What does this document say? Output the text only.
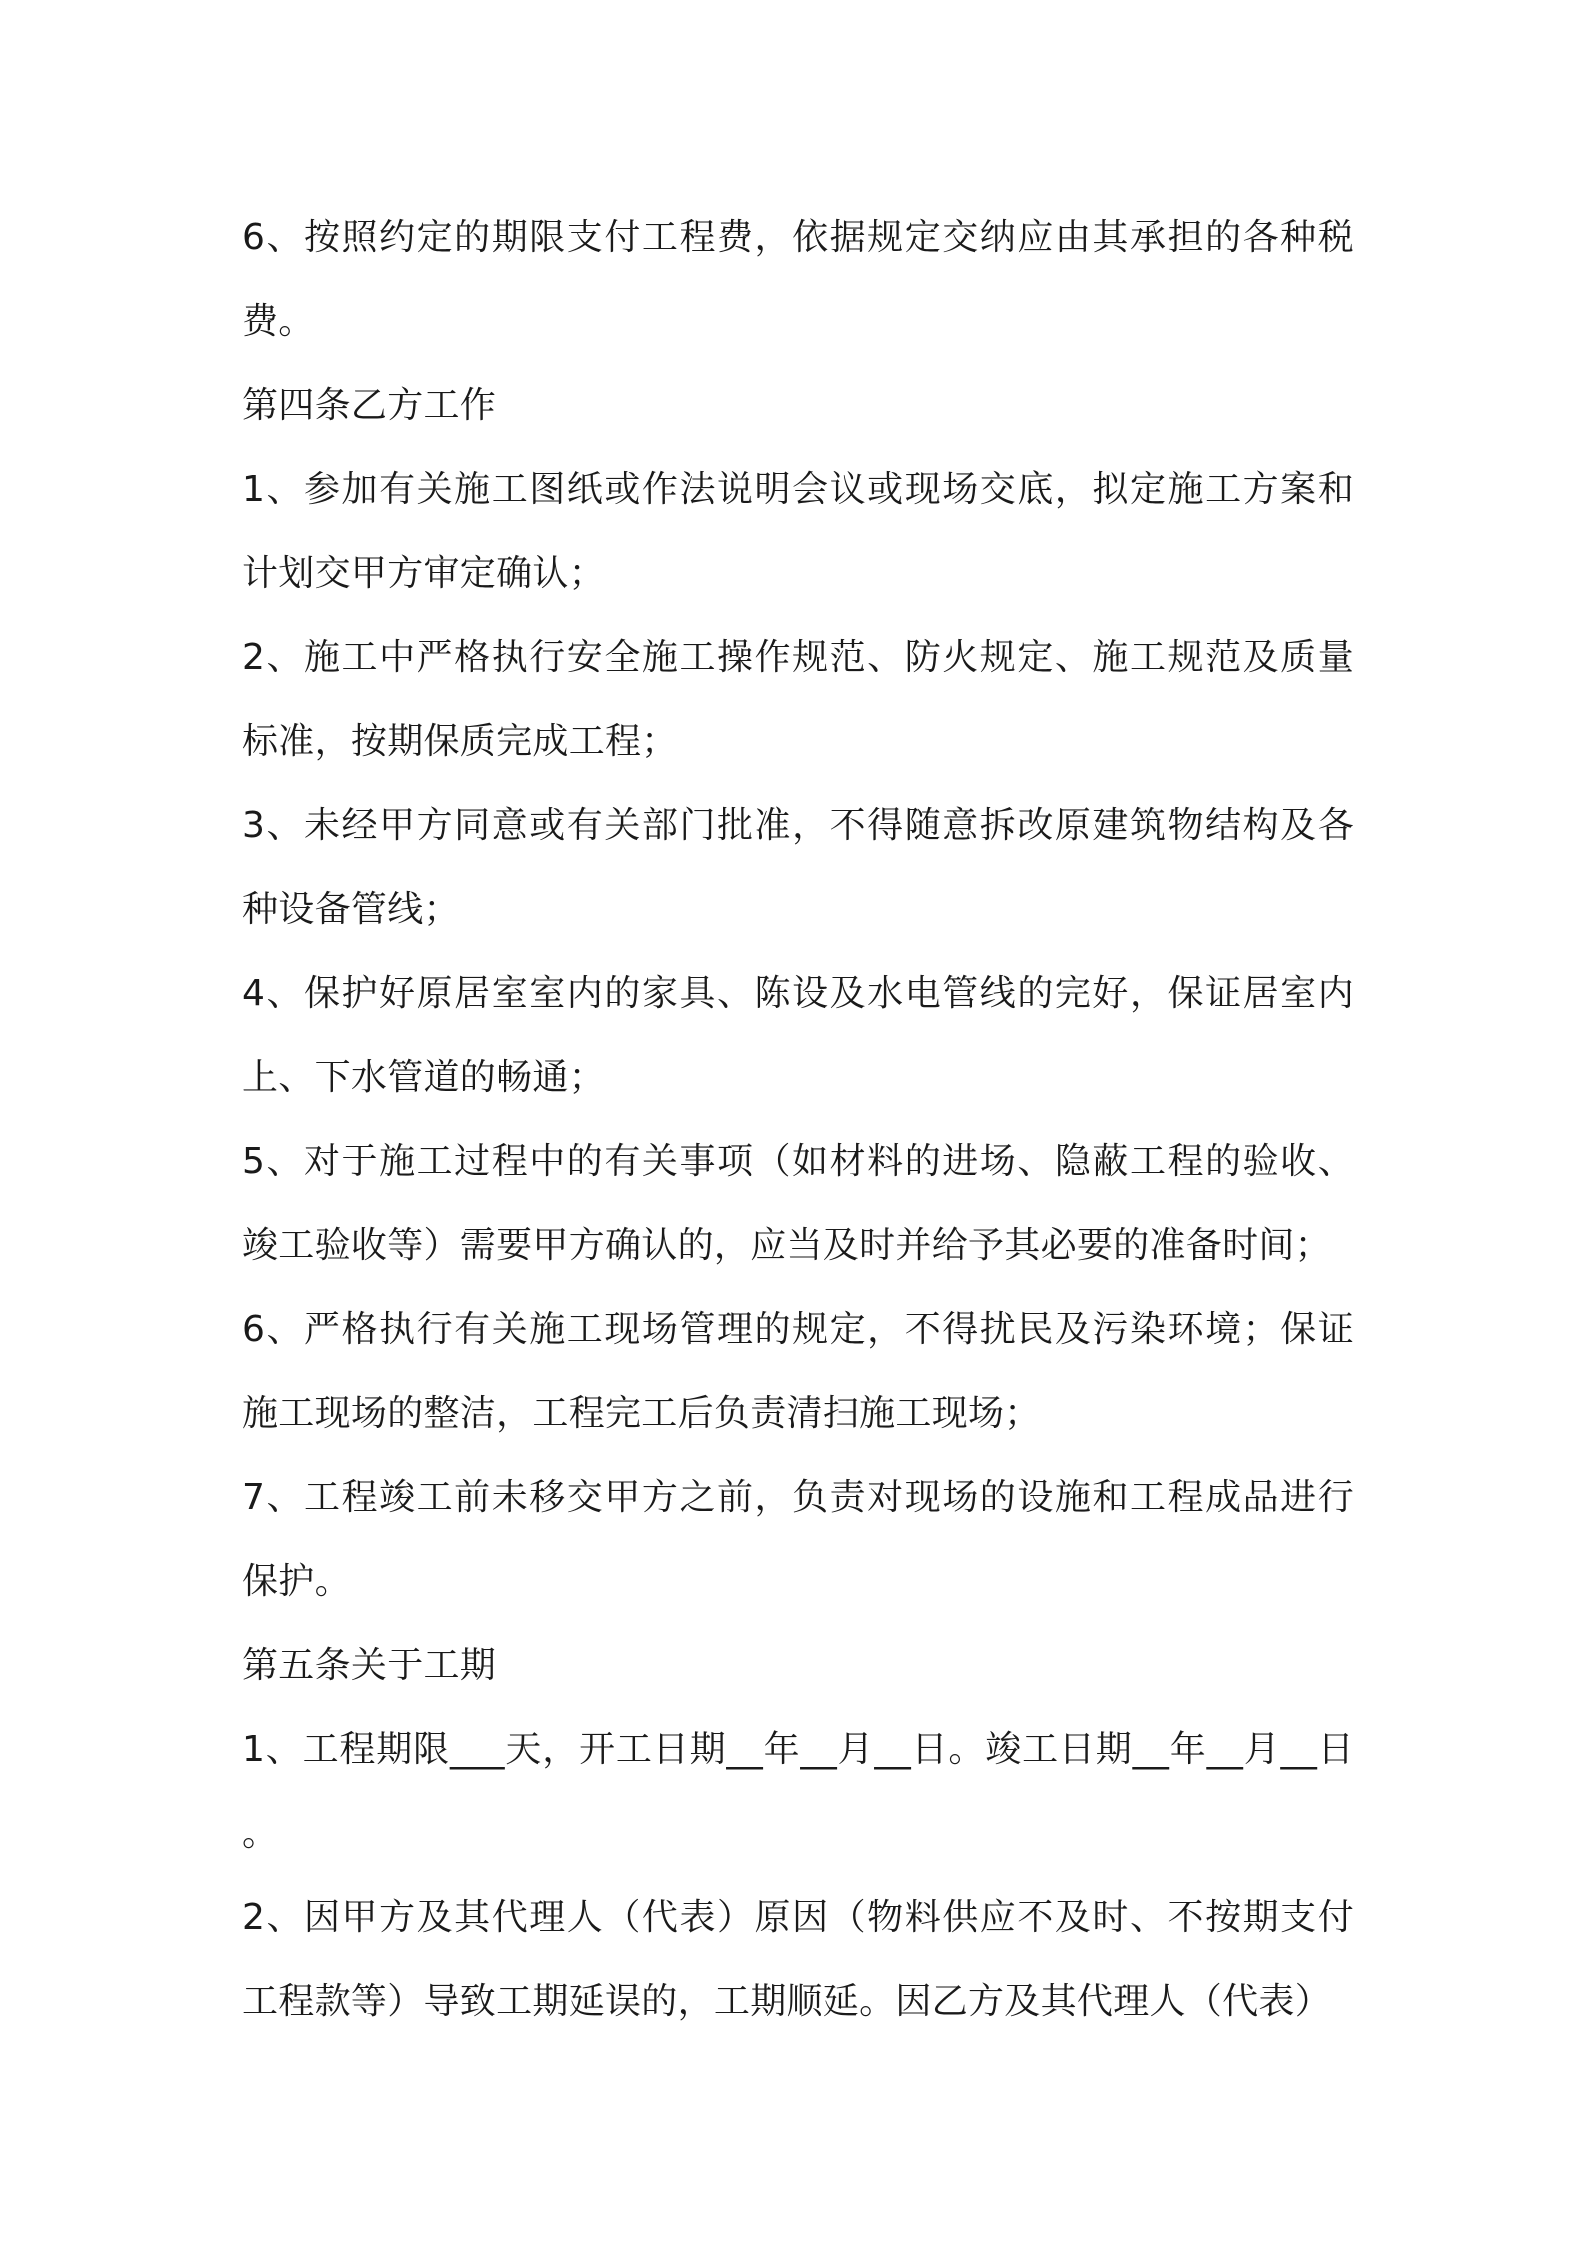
6、按照约定的期限支付工程费，依据规定交纳应由其承担的各种税费。

第四条乙方工作

1、参加有关施工图纸或作法说明会议或现场交底，拟定施工方案和计划交甲方审定确认；

2、施工中严格执行安全施工操作规范、防火规定、施工规范及质量标准，按期保质完成工程；

3、未经甲方同意或有关部门批准，不得随意拆改原建筑物结构及各种设备管线；

4、保护好原居室室内的家具、陈设及水电管线的完好，保证居室内上、下水管道的畅通；

5、对于施工过程中的有关事项（如材料的进场、隐蔽工程的验收、竣工验收等）需要甲方确认的，应当及时并给予其必要的准备时间；

6、严格执行有关施工现场管理的规定，不得扰民及污染环境；保证施工现场的整洁，工程完工后负责清扫施工现场；

7、工程竣工前未移交甲方之前，负责对现场的设施和工程成品进行保护。

第五条关于工期

1、工程期限___天，开工日期__年__月__日。竣工日期__年__月__日。

2、因甲方及其代理人（代表）原因（物料供应不及时、不按期支付工程款等）导致工期延误的，工期顺延。因乙方及其代理人（代表）
